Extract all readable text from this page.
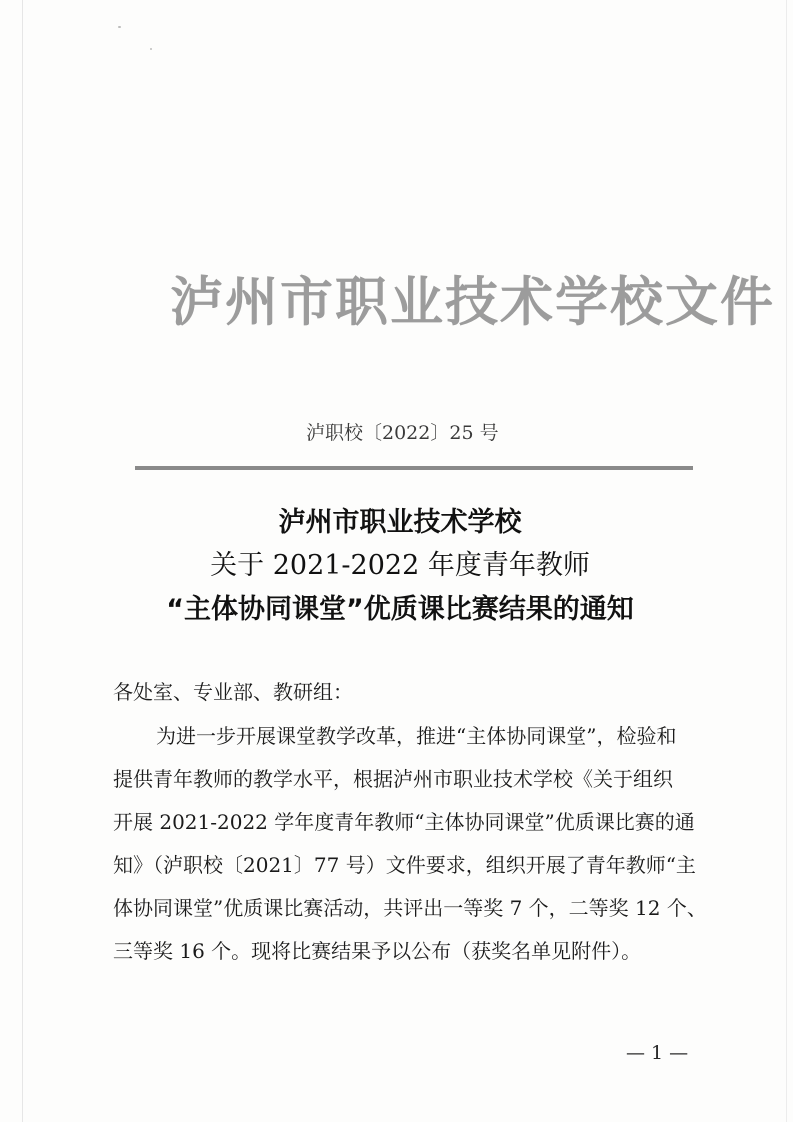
泸州市职业技术学校文件
泸职校〔2022〕25 号
泸州市职业技术学校
关于 2021-2022 年度青年教师
“主体协同课堂”优质课比赛结果的通知
各处室、专业部、教研组：
为进一步开展课堂教学改革，推进“主体协同课堂”，检验和
提供青年教师的教学水平，根据泸州市职业技术学校《关于组织
开展 2021-2022 学年度青年教师“主体协同课堂”优质课比赛的通
知》（泸职校〔2021〕77 号）文件要求，组织开展了青年教师“主
体协同课堂”优质课比赛活动，共评出一等奖 7 个，二等奖 12 个、
三等奖 16 个。现将比赛结果予以公布（获奖名单见附件）。
— 1 —
